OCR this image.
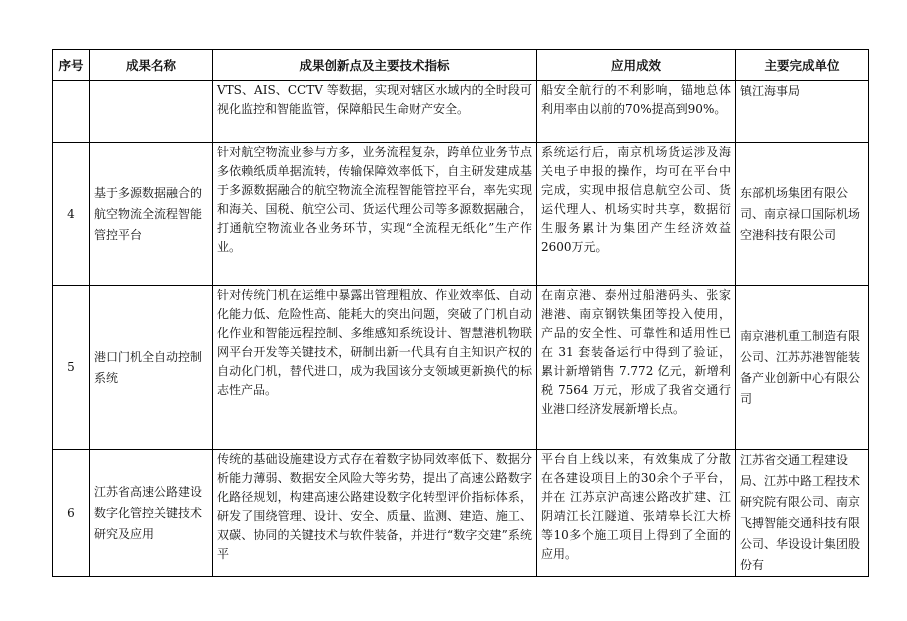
序号	成果名称	成果创新点及主要技术指标	应用成效	主要完成单位
		VTS、AIS、CCTV 等数据，实现对辖区水域内的全时段可视化监控和智能监管，保障船民生命财产安全。	船安全航行的不利影响，锚地总体利用率由以前的70%提高到90%。	镇江海事局
4	基于多源数据融合的航空物流全流程智能管控平台	针对航空物流业参与方多，业务流程复杂，跨单位业务节点多依赖纸质单据流转，传输保障效率低下，自主研发建成基于多源数据融合的航空物流全流程智能管控平台，率先实现和海关、国税、航空公司、货运代理公司等多源数据融合，打通航空物流业各业务环节，实现“全流程无纸化”生产作业。	系统运行后，南京机场货运涉及海关电子申报的操作，均可在平台中完成，实现申报信息航空公司、货运代理人、机场实时共享，数据衍生服务累计为集团产生经济效益2600万元。	东部机场集团有限公司、南京禄口国际机场空港科技有限公司
5	港口门机全自动控制系统	针对传统门机在运维中暴露出管理粗放、作业效率低、自动化能力低、危险性高、能耗大的突出问题，突破了门机自动化作业和智能远程控制、多维感知系统设计、智慧港机物联网平台开发等关键技术，研制出新一代具有自主知识产权的自动化门机，替代进口，成为我国该分支领域更新换代的标志性产品。	在南京港、泰州过船港码头、张家港港、南京钢铁集团等投入使用，产品的安全性、可靠性和适用性已在 31 套装备运行中得到了验证，累计新增销售 7.772 亿元，新增利税 7564 万元，形成了我省交通行业港口经济发展新增长点。	南京港机重工制造有限公司、江苏苏港智能装备产业创新中心有限公司
6	江苏省高速公路建设数字化管控关键技术研究及应用	传统的基础设施建设方式存在着数字协同效率低下、数据分析能力薄弱、数据安全风险大等劣势，提出了高速公路数字化路径规划，构建高速公路建设数字化转型评价指标体系，研发了围绕管理、设计、安全、质量、监测、建造、施工、双碳、协同的关键技术与软件装备，并进行“数字交建”系统平	平台自上线以来，有效集成了分散在各建设项目上的30余个子平台，并在 江苏京沪高速公路改扩建、江阴靖江长江隧道、张靖皋长江大桥等10多个施工项目上得到了全面的应用。	江苏省交通工程建设局、江苏中路工程技术研究院有限公司、南京飞搏智能交通科技有限公司、华设设计集团股份有
